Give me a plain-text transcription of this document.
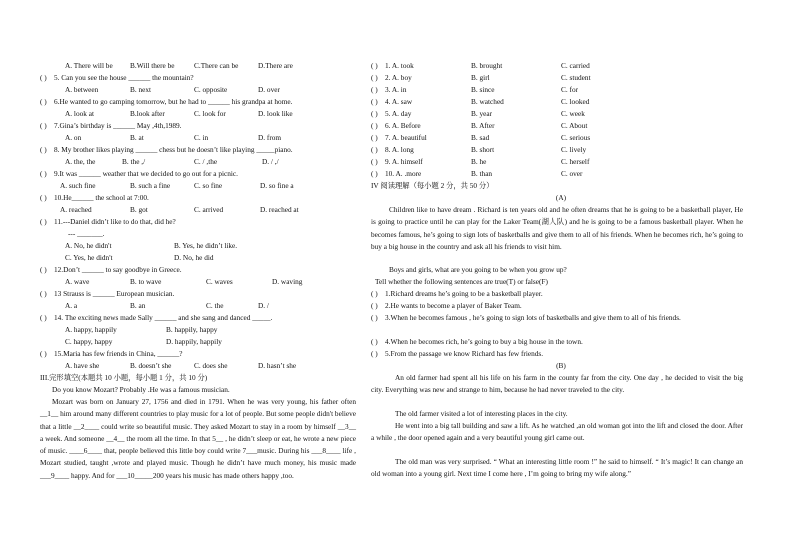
A. There will be B.Will there be	C.There can be	D.There are
( ) 5. Can you see the house ______ the mountain?
A. between	B. next	C. opposite	D. over
( ) 6.He wanted to go camping tomorrow, but he had to ______ his grandpa at home.
A. look at	B.look after	C. look for	D. look like
( ) 7.Gina’s birthday is ______ May ,4th,1989.
A. on	B. at	C. in	D. from
( ) 8. My brother likes playing ______ chess but he doesn’t like playing _____piano.
A. the, the	B. the ,/	C. / ,the	D. / ,/
( ) 9.It was ______ weather that we decided to go out for a picnic.
A. such fine	B. such a fine	C. so fine	D. so fine a
( ) 10.He______ the school at 7:00.
A. reached	B. got	C. arrived	D. reached at
( ) 11.---Daniel didn’t like to do that, did he?
--- _______.
A. No, he didn't	B. Yes, he didn’t like.
C. Yes, he didn't	D. No, he did
( ) 12.Don’t ______ to say goodbye in Greece.
A. wave	B. to wave	C. waves	D. waving
( ) 13 Strauss is ______ European musician.
A. a	B. an	C. the	D. /
( ) 14. The exciting news made Sally ______ and she sang and danced _____.
A. happy, happily	B. happily, happy
C. happy, happy	D. happily, happily
( ) 15.Maria has few friends in China, ______?
A. have she	B. doesn’t she	C. does she	D. hasn’t she
III.完形填空(本题共 10 小题，每小题 1 分，共 10 分)
Do you know Mozart? Probably .He was a famous musician.
Mozart was born on January 27, 1756 and died in 1791. When he was very young, his father often __1__ him around many different countries to play music for a lot of people. But some people didn't believe that a little __2____ could write so beautiful music. They asked Mozart to stay in a room by himself __3__ a week. And someone __4__ the room all the time. In that 5__ , he didn’t sleep or eat, he wrote a new piece of music. ____6____ that, people believed this little boy could write 7___music. During his ___8____ life , Mozart studied, taught ,wrote and played music. Though he didn’t have much money, his music made ___9____ happy. And for ___10_____200 years his music has made others happy ,too.
( ) 1. A. took	B. brought	C. carried
( ) 2. A. boy	B. girl	C. student
( ) 3. A. in	B. since	C. for
( ) 4. A. saw	B. watched	C. looked
( ) 5. A. day	B. year	C. week
( ) 6. A. Before	B. After	C. About
( ) 7. A. beautiful	B. sad	C. serious
( ) 8. A. long	B. short	C. lively
( ) 9. A. himself	B. he	C. herself
( ) 10. A. .more	B. than	C. over
IV 阅读理解（每小题 2 分，共 50 分）
(A)
Children like to have dream . Richard is ten years old and he often dreams that he is going to be a basketball player, He is going to practice until he can play for the Laker Team(湖人队) and he is going to be a famous basketball player. When he becomes famous, he’s going to sign lots of basketballs and give them to all of his friends. When he becomes rich, he’s going to buy a big house in the country and ask all his friends to visit him.
Boys and girls, what are you going to be when you grow up?
Tell whether the following sentences are true(T) or false(F)
( ) 1.Richard dreams he’s going to be a basketball player.
( ) 2.He wants to become a player of Baker Team.
( ) 3.When he becomes famous , he’s going to sign lots of basketballs and give them to all of his friends.
( ) 4.When he becomes rich, he’s going to buy a big house in the town.
( ) 5.From the passage we know Richard has few friends.
(B)
An old farmer had spent all his life on his farm in the county far from the city. One day , he decided to visit the big city. Everything was new and strange to him, because he had never traveled to the city.
The old farmer visited a lot of interesting places in the city.
He went into a big tall building and saw a lift. As he watched ,an old woman got into the lift and closed the door. After a while , the door opened again and a very beautiful young girl came out.
The old man was very surprised. “ What an interesting little room !” he said to himself. “ It’s magic! It can change an old woman into a young girl. Next time I come here , I’m going to bring my wife along.”
